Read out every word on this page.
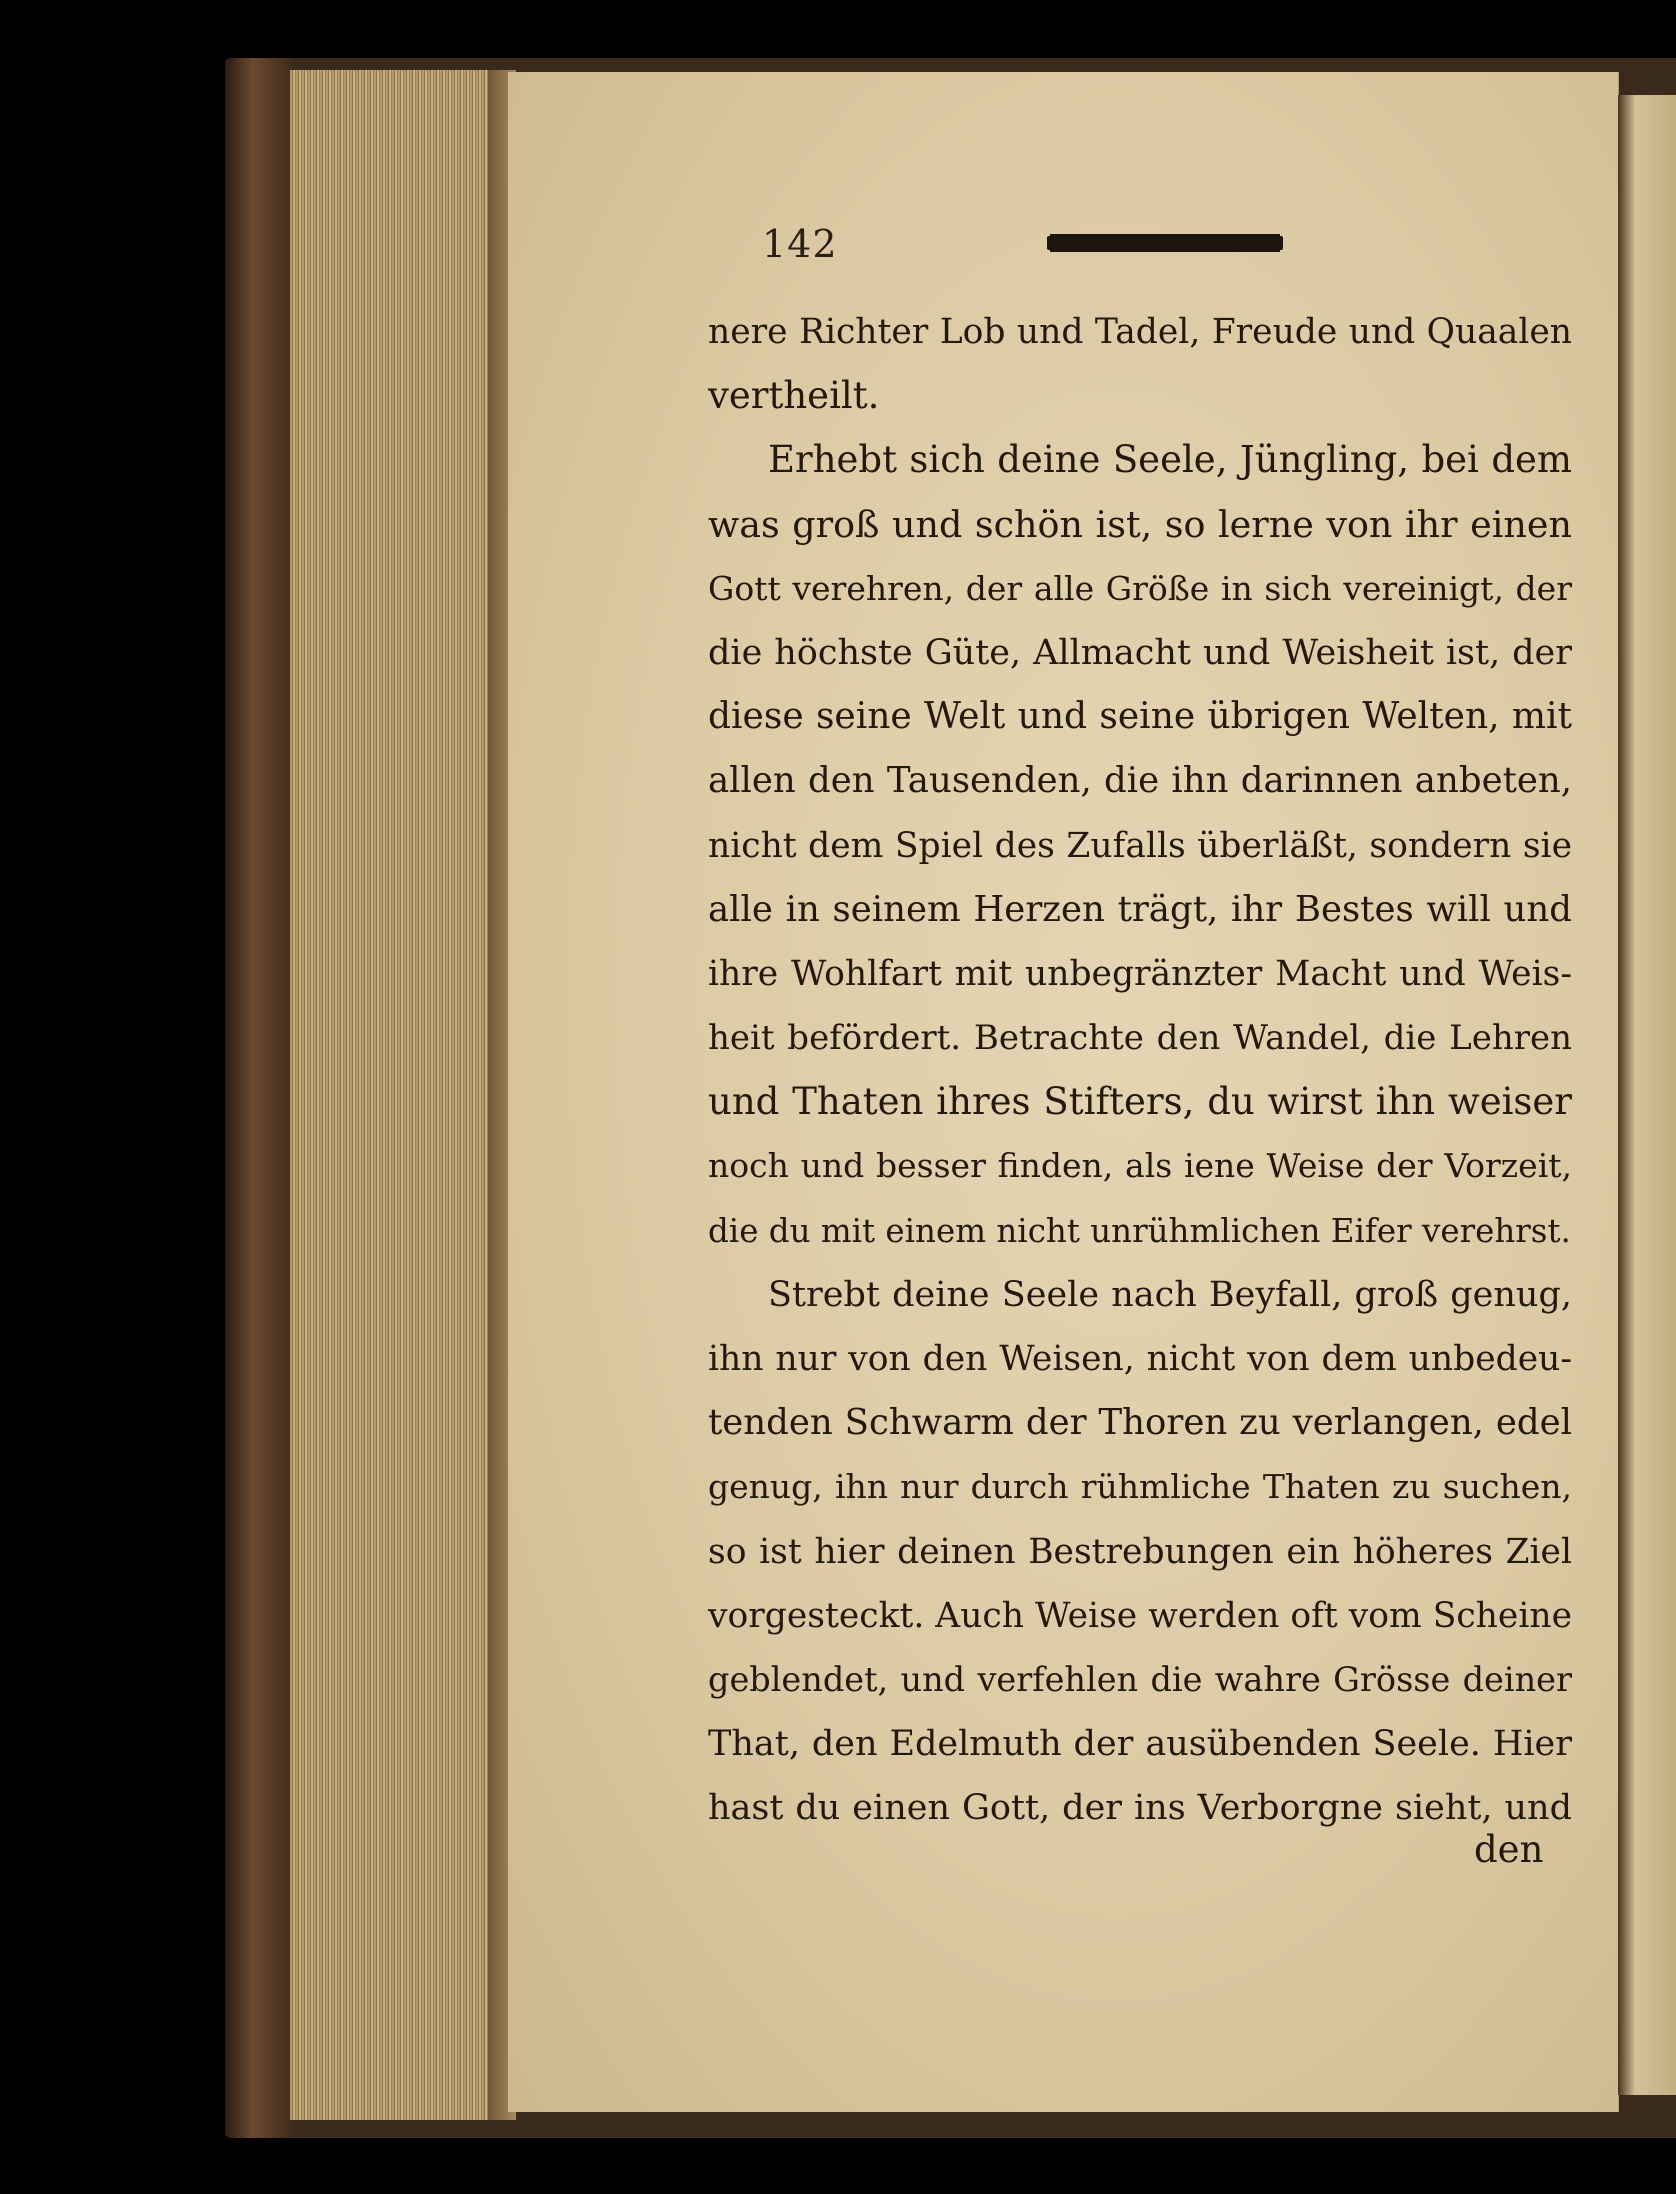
142
nere Richter Lob und Tadel, Freude und Quaalen
vertheilt.
Erhebt sich deine Seele, Jüngling, bei dem
was groß und schön ist, so lerne von ihr einen
Gott verehren, der alle Größe in sich vereinigt, der
die höchste Güte, Allmacht und Weisheit ist, der
diese seine Welt und seine übrigen Welten, mit
allen den Tausenden, die ihn darinnen anbeten,
nicht dem Spiel des Zufalls überläßt, sondern sie
alle in seinem Herzen trägt, ihr Bestes will und
ihre Wohlfart mit unbegränzter Macht und Weis-
heit befördert. Betrachte den Wandel, die Lehren
und Thaten ihres Stifters, du wirst ihn weiser
noch und besser finden, als iene Weise der Vorzeit,
die du mit einem nicht unrühmlichen Eifer verehrst.
Strebt deine Seele nach Beyfall, groß genug,
ihn nur von den Weisen, nicht von dem unbedeu-
tenden Schwarm der Thoren zu verlangen, edel
genug, ihn nur durch rühmliche Thaten zu suchen,
so ist hier deinen Bestrebungen ein höheres Ziel
vorgesteckt. Auch Weise werden oft vom Scheine
geblendet, und verfehlen die wahre Grösse deiner
That, den Edelmuth der ausübenden Seele. Hier
hast du einen Gott, der ins Verborgne sieht, und
den
